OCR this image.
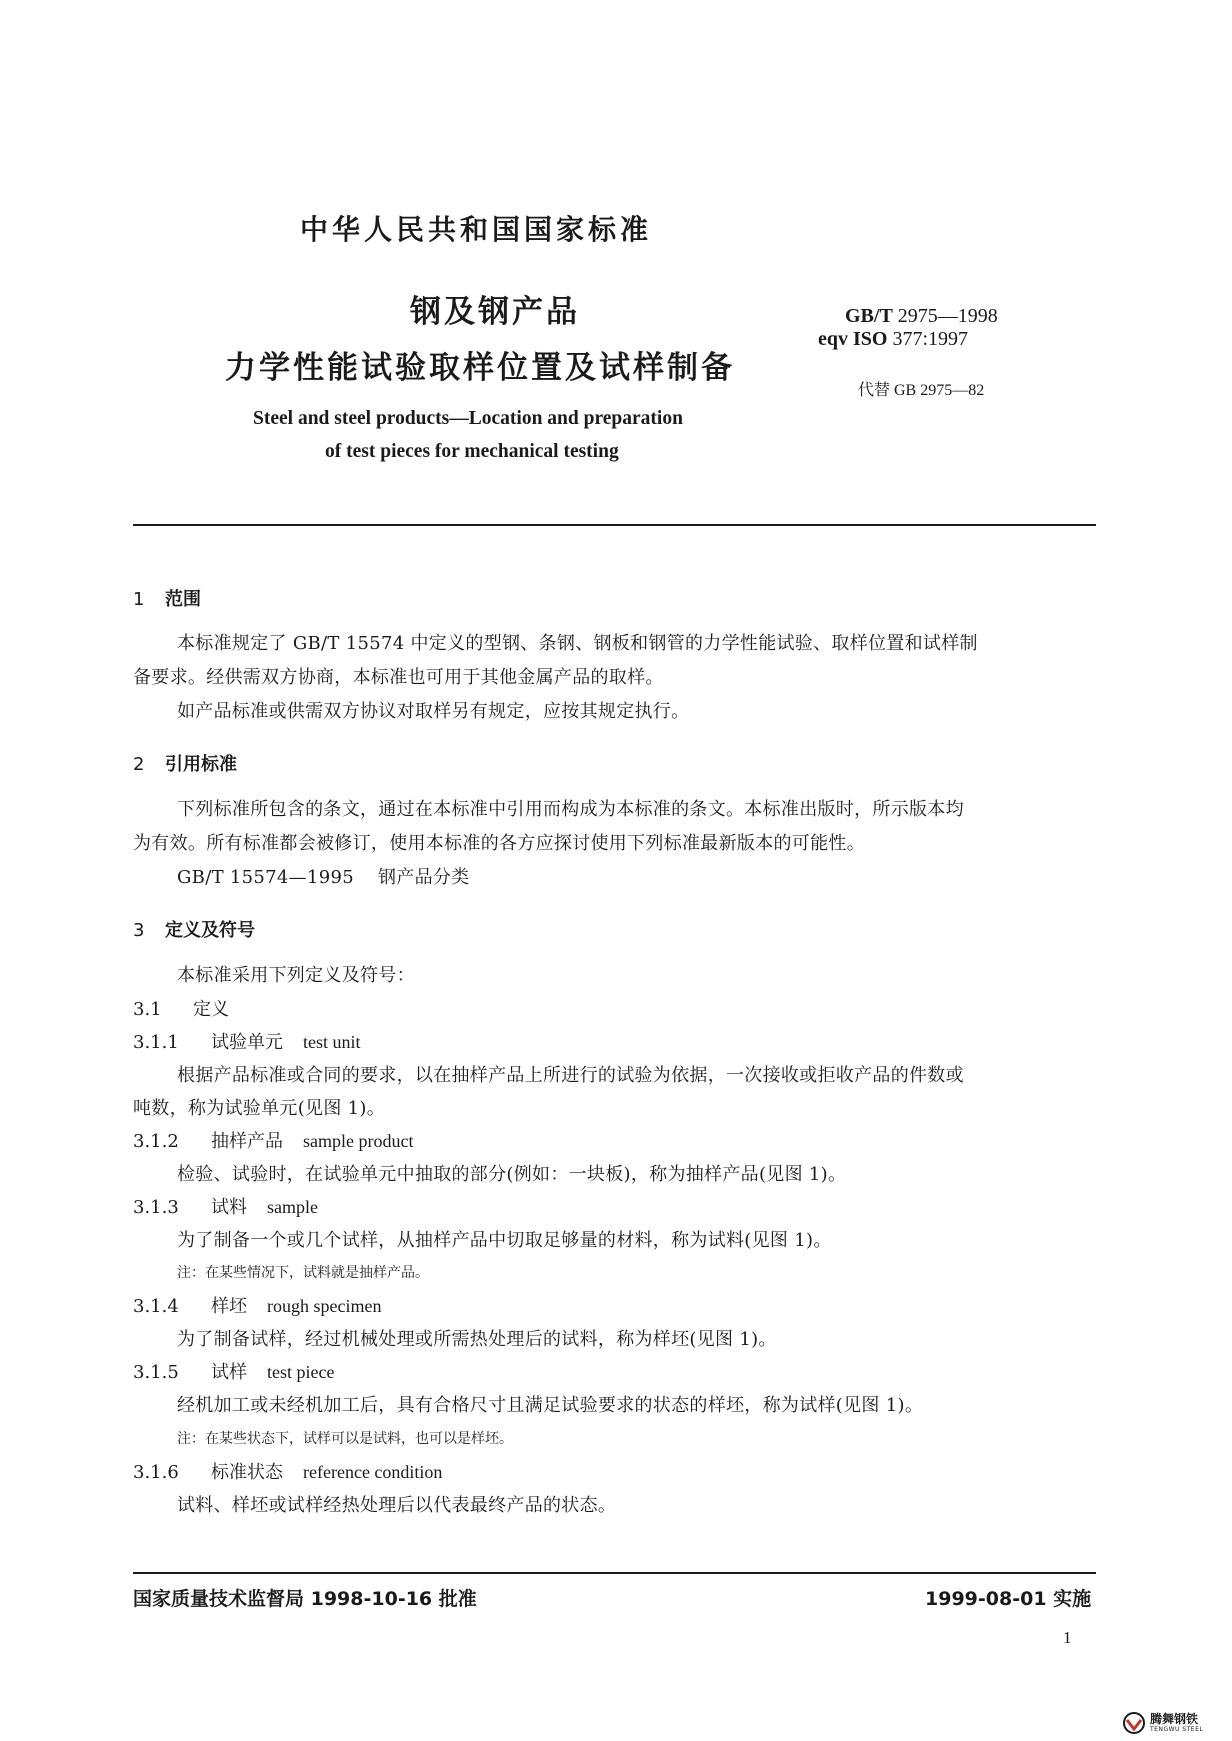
中华人民共和国国家标准
钢及钢产品
力学性能试验取样位置及试样制备
GB/T 2975—1998
eqv ISO 377:1997
代替 GB 2975—82
Steel and steel products—Location and preparation
of test pieces for mechanical testing
1 范围
本标准规定了 GB/T 15574 中定义的型钢、条钢、钢板和钢管的力学性能试验、取样位置和试样制
备要求。经供需双方协商，本标准也可用于其他金属产品的取样。
如产品标准或供需双方协议对取样另有规定，应按其规定执行。
2 引用标准
下列标准所包含的条文，通过在本标准中引用而构成为本标准的条文。本标准出版时，所示版本均
为有效。所有标准都会被修订，使用本标准的各方应探讨使用下列标准最新版本的可能性。
GB/T 15574—1995 钢产品分类
3 定义及符号
本标准采用下列定义及符号：
3.1 定义
3.1.1 试验单元 test unit
根据产品标准或合同的要求，以在抽样产品上所进行的试验为依据，一次接收或拒收产品的件数或
吨数，称为试验单元(见图 1)。
3.1.2 抽样产品 sample product
检验、试验时，在试验单元中抽取的部分(例如：一块板)，称为抽样产品(见图 1)。
3.1.3 试料 sample
为了制备一个或几个试样，从抽样产品中切取足够量的材料，称为试料(见图 1)。
注：在某些情况下，试料就是抽样产品。
3.1.4 样坯 rough specimen
为了制备试样，经过机械处理或所需热处理后的试料，称为样坯(见图 1)。
3.1.5 试样 test piece
经机加工或未经机加工后，具有合格尺寸且满足试验要求的状态的样坯，称为试样(见图 1)。
注：在某些状态下，试样可以是试料，也可以是样坯。
3.1.6 标准状态 reference condition
试料、样坯或试样经热处理后以代表最终产品的状态。
国家质量技术监督局 1998-10-16 批准	1999-08-01 实施
1
腾舞钢铁
TENGWU STEEL
